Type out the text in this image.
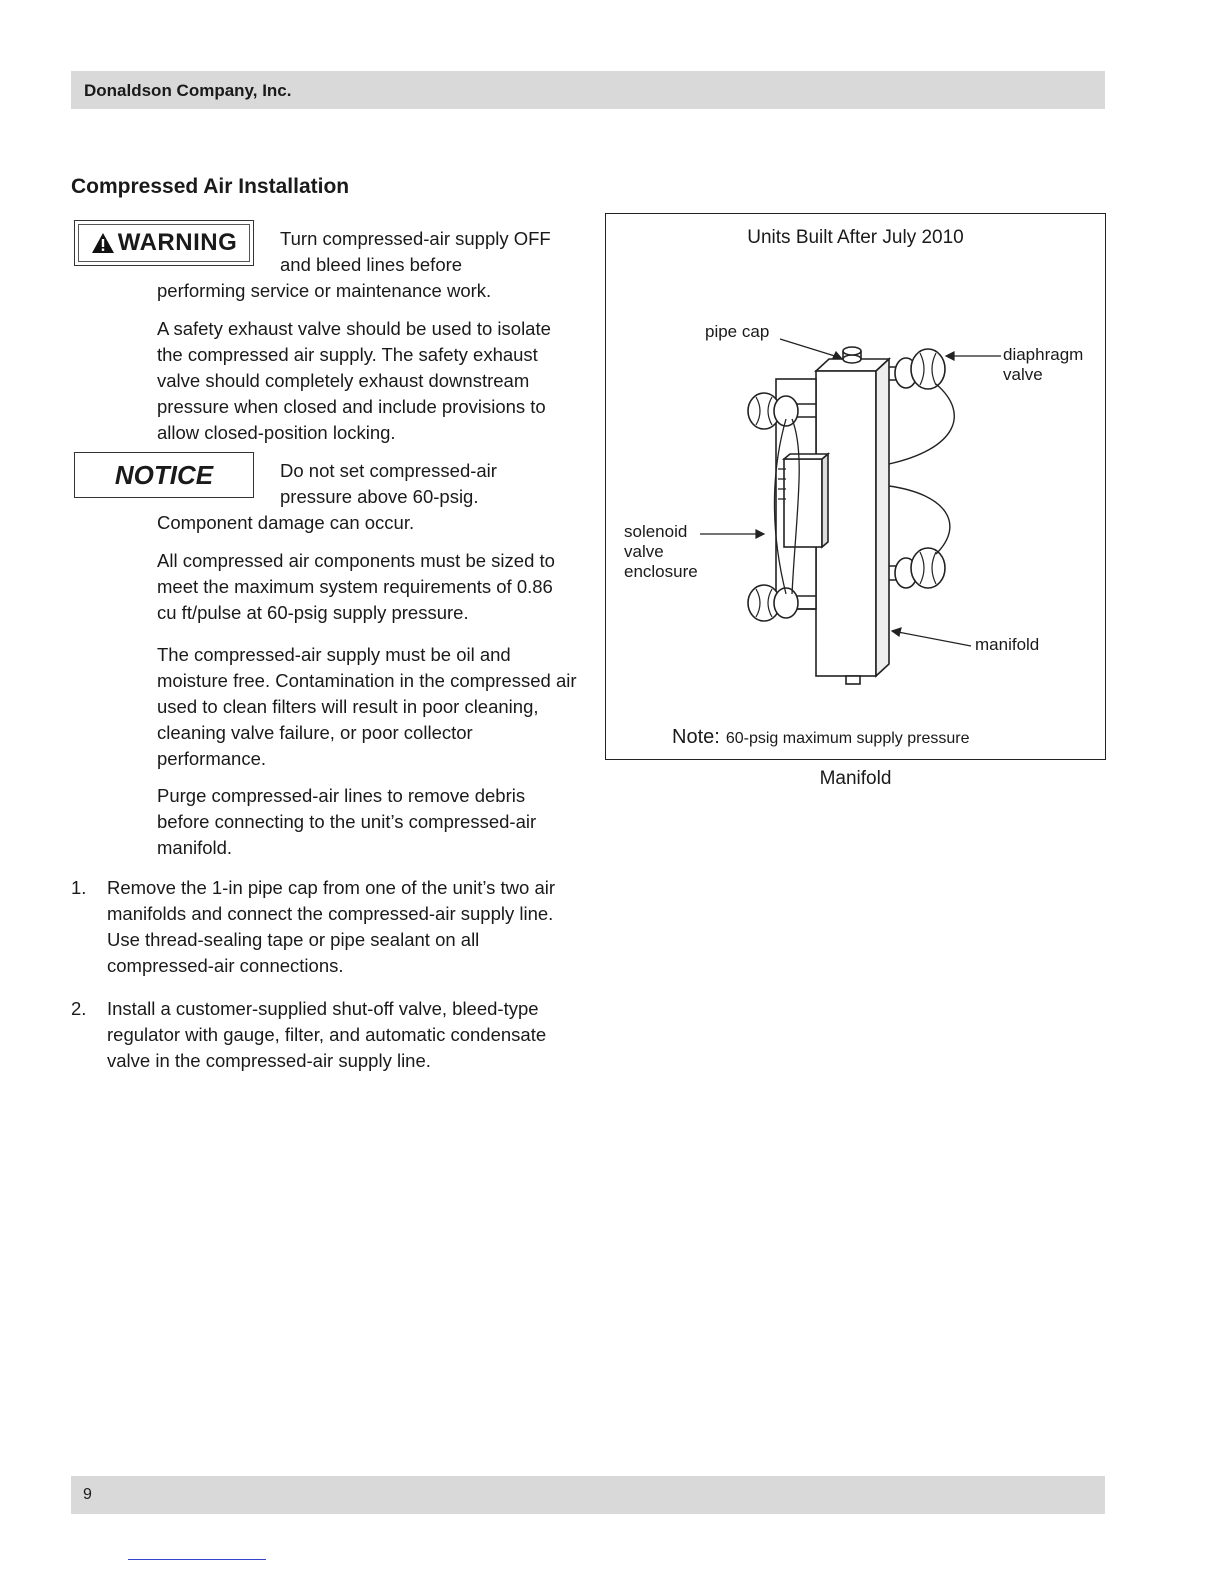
Donaldson Company, Inc.
Compressed Air Installation
WARNING Turn compressed-air supply OFF and bleed lines before

performing service or maintenance work.

A safety exhaust valve should be used to isolate the compressed air supply. The safety exhaust valve should completely exhaust downstream pressure when closed and include provisions to allow closed-position locking.

NOTICE	Do not set compressed-air pressure above 60-psig.

Component damage can occur.

All compressed air components must be sized to meet the maximum system requirements of 0.86 cu ft/pulse at 60-psig supply pressure.

The compressed-air supply must be oil and moisture free. Contamination in the compressed air used to clean filters will result in poor cleaning, cleaning valve failure, or poor collector performance.

Purge compressed-air lines to remove debris before connecting to the unit’s compressed-air manifold.

1. Remove the 1-in pipe cap from one of the unit’s two air manifolds and connect the compressed-air supply line. Use thread-sealing tape or pipe sealant on all compressed-air connections.

2. Install a customer-supplied shut-off valve, bleed-type regulator with gauge, filter, and automatic condensate valve in the compressed-air supply line.

Units Built After July 2010
pipe cap
diaphragm valve
solenoid valve enclosure
manifold
Note: 60-psig maximum supply pressure
Manifold
9
